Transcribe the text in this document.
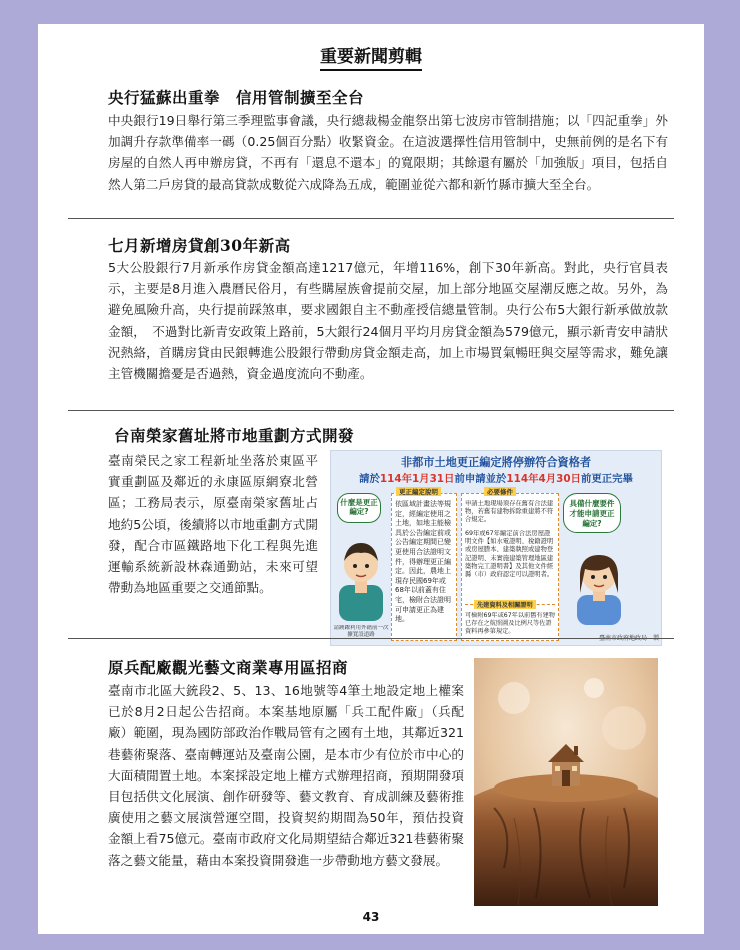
重要新聞剪輯
央行猛蘇出重拳　信用管制擴至全台
中央銀行19日舉行第三季理監事會議，央行總裁楊金龍祭出第七波房市管制措施；以「四記重拳」外加調升存款準備率一碼（0.25個百分點）收緊資金。在這波選擇性信用管制中，史無前例的是名下有房屋的自然人再申辦房貸，不再有「還息不還本」的寬限期；其餘還有屬於「加強版」項目，包括自然人第二戶房貸的最高貸款成數從六成降為五成，範圍並從六都和新竹縣市擴大至全台。
七月新增房貸創30年新高
5大公股銀行7月新承作房貸金額高達1217億元，年增116%，創下30年新高。對此，央行官員表示，主要是8月進入農曆民俗月，有些購屋族會提前交屋，加上部分地區交屋潮反應之故。另外，為避免風險升高，央行提前踩煞車，要求國銀自主不動產授信總量管制。央行公布5大銀行新承做放款金額，　不過對比新青安政策上路前，5大銀行24個月平均月房貸金額為579億元，顯示新青安申請狀況熱絡，首購房貸由民銀轉進公股銀行帶動房貸金額走高，加上市場買氣暢旺與交屋等需求，難免讓主管機關擔憂是否過熱，資金過度流向不動產。
台南榮家舊址將市地重劃方式開發
臺南榮民之家工程新址坐落於東區平實重劃區及鄰近的永康區原網寮北營區；工務局表示，原臺南榮家舊址占地約5公頃，後續將以市地重劃方式開發，配合市區鐵路地下化工程與先進運輸系統新設林森通勤站，未來可望帶動為地區重要之交通節點。
非都市土地更正編定將停辦符合資格者
請於114年1月31日前申請並於114年4月30日前更正完畢
什麼是更正編定?
請踴躍利用外籍前一次擴寬設道路
更正編定說明
依區域計畫法等規定，經編定使用之土地，如地主能檢具於公告編定前或公告編定期間已變更使用合法證明文件，得辦理更正編定。因此，農地上現存民國69年或68年以前蓋有住宅，檢附合法證明可申請更正為建地。
必要條件
申請土地現場須存在舊有合法建物，若舊有建物拆除重建將不符合規定。
69年或67年編定前合法房屋證明文件【如水電證明、稅籍證明或房屋謄本、建築執照或建物登記證明、未實施建築管理地區建築物完工證明書】及其他文件經縣（市）政府認定可以證明者。
先建資料及相關證明
可檢附69年或67年以前舊有建物已存在之航照圖及比例尺等佐證資料再參第規定。
具備什麼要件才能申請更正編定?
臺南市政府地政局　製
原兵配廠觀光藝文商業專用區招商
臺南市北區大銃段2、5、13、16地號等4筆土地設定地上權案已於8月2日起公告招商。本案基地原屬「兵工配件廠」（兵配廠）範圍，現為國防部政治作戰局管有之國有土地，其鄰近321巷藝術聚落、臺南轉運站及臺南公園，是本市少有位於市中心的大面積閒置土地。本案採設定地上權方式辦理招商，預期開發項目包括供文化展演、創作研發等、藝文教育、育成訓練及藝術推廣使用之藝文展演營運空間，投資契約期間為50年，預估投資金額上看75億元。臺南市政府文化局期望結合鄰近321巷藝術聚落之藝文能量，藉由本案投資開發進一步帶動地方藝文發展。
43
